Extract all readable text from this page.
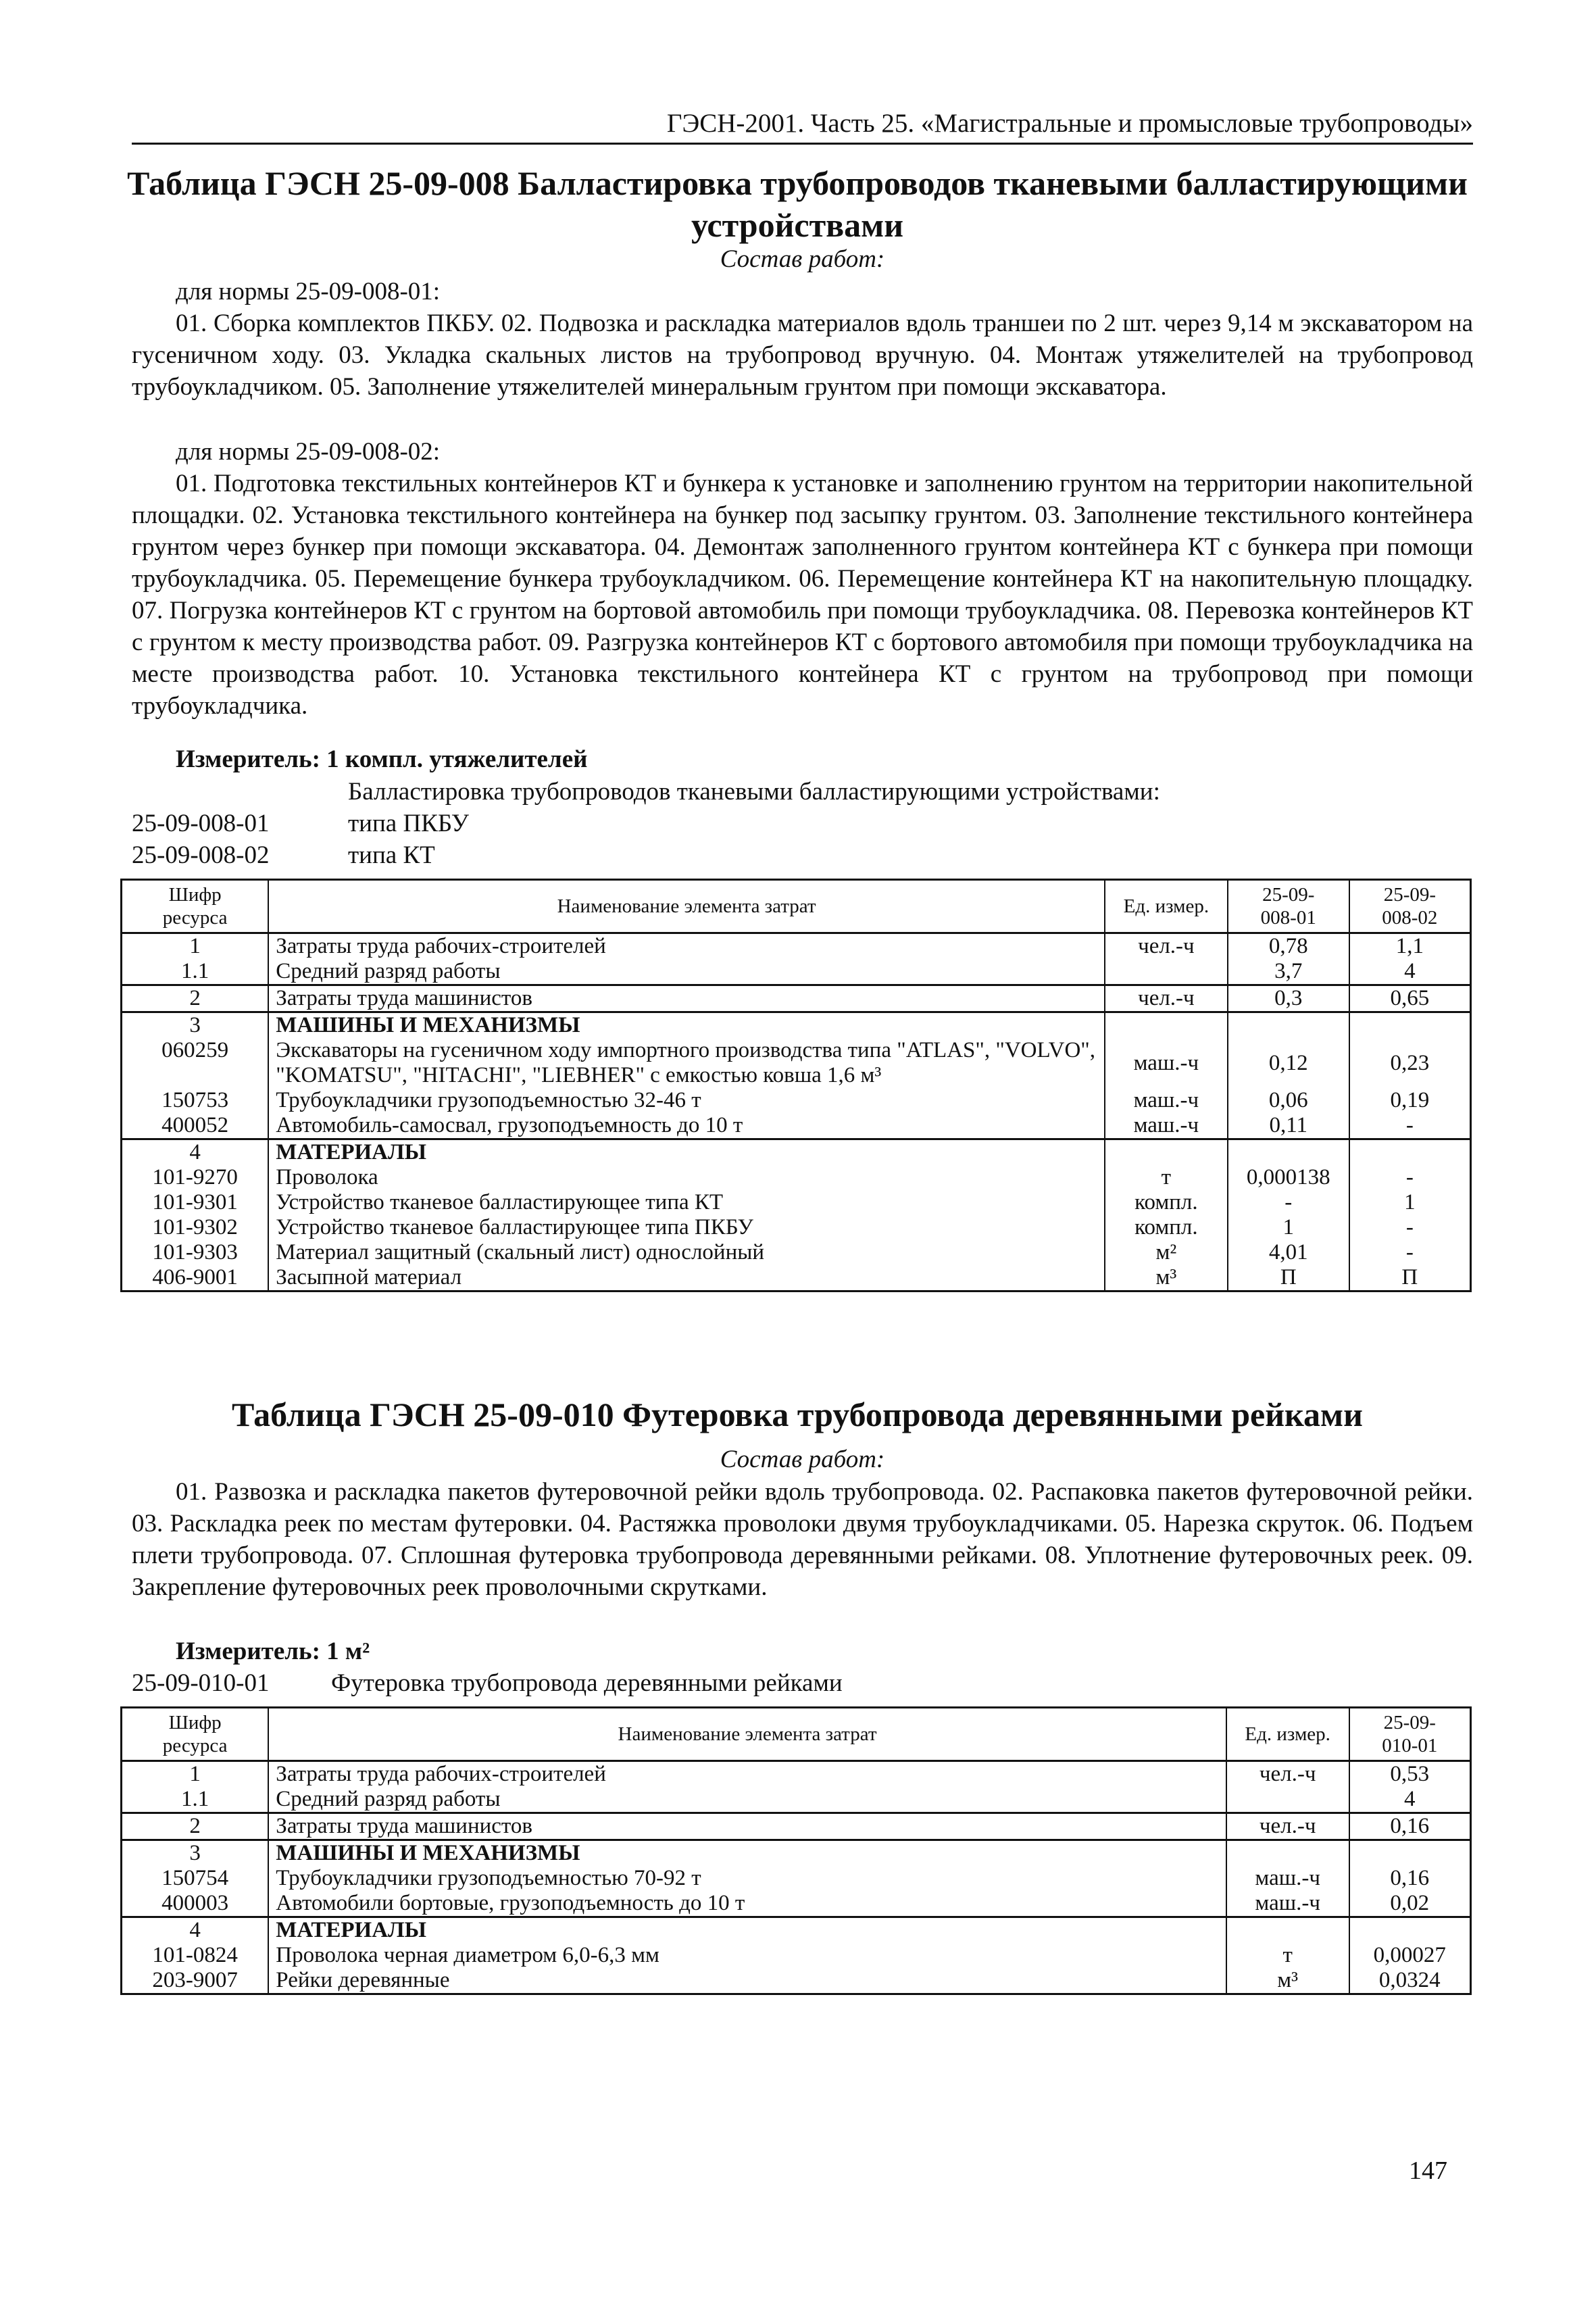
ГЭСН-2001. Часть 25. «Магистральные и промысловые трубопроводы»
Таблица ГЭСН 25-09-008 Балластировка трубопроводов тканевыми балластирующими устройствами
Состав работ:
для нормы 25-09-008-01:

01. Сборка комплектов ПКБУ. 02. Подвозка и раскладка материалов вдоль траншеи по 2 шт. через 9,14 м экскаватором на гусеничном ходу. 03. Укладка скальных листов на трубопровод вручную. 04. Монтаж утяжелителей на трубопровод трубоукладчиком. 05. Заполнение утяжелителей минеральным грунтом при помощи экскаватора.

для нормы 25-09-008-02:

01. Подготовка текстильных контейнеров КТ и бункера к установке и заполнению грунтом на территории накопительной площадки. 02. Установка текстильного контейнера на бункер под засыпку грунтом. 03. Заполнение текстильного контейнера грунтом через бункер при помощи экскаватора. 04. Демонтаж заполненного грунтом контейнера КТ с бункера при помощи трубоукладчика. 05. Перемещение бункера трубоукладчиком. 06. Перемещение контейнера КТ на накопительную площадку. 07. Погрузка контейнеров КТ с грунтом на бортовой автомобиль при помощи трубоукладчика. 08. Перевозка контейнеров КТ с грунтом к месту производства работ. 09. Разгрузка контейнеров КТ с бортового автомобиля при помощи трубоукладчика на месте производства работ. 10. Установка текстильного контейнера КТ с грунтом на трубопровод при помощи трубоукладчика.

Измеритель: 1 компл. утяжелителей
Балластировка трубопроводов тканевыми балластирующими устройствами:
25-09-008-01	типа ПКБУ
25-09-008-02	типа КТ
Шифр
ресурса	Наименование элемента затрат	Ед. измер.	25-09-
008-01	25-09-
008-02
1	Затраты труда рабочих-строителей	чел.-ч	0,78	1,1
1.1	Средний разряд работы		3,7	4
2	Затраты труда машинистов	чел.-ч	0,3	0,65
3	МАШИНЫ И МЕХАНИЗМЫ			
060259	Экскаваторы на гусеничном ходу импортного производства типа "ATLAS", "VOLVO", "KOMATSU", "HITACHI", "LIEBHER" с емкостью ковша 1,6 м³	маш.-ч	0,12	0,23
150753	Трубоукладчики грузоподъемностью 32-46 т	маш.-ч	0,06	0,19
400052	Автомобиль-самосвал, грузоподъемность до 10 т	маш.-ч	0,11	-
4	МАТЕРИАЛЫ			
101-9270	Проволока	т	0,000138	-
101-9301	Устройство тканевое балластирующее типа КТ	компл.	-	1
101-9302	Устройство тканевое балластирующее типа ПКБУ	компл.	1	-
101-9303	Материал защитный (скальный лист) однослойный	м²	4,01	-
406-9001	Засыпной материал	м³	П	П
Таблица ГЭСН 25-09-010 Футеровка трубопровода деревянными рейками
Состав работ:

01. Развозка и раскладка пакетов футеровочной рейки вдоль трубопровода. 02. Распаковка пакетов футеровочной рейки. 03. Раскладка реек по местам футеровки. 04. Растяжка проволоки двумя трубоукладчиками. 05. Нарезка скруток. 06. Подъем плети трубопровода. 07. Сплошная футеровка трубопровода деревянными рейками. 08. Уплотнение футеровочных реек. 09. Закрепление футеровочных реек проволочными скрутками.

Измеритель: 1 м²
25-09-010-01 Футеровка трубопровода деревянными рейками
Шифр
ресурса	Наименование элемента затрат	Ед. измер.	25-09-
010-01
1	Затраты труда рабочих-строителей	чел.-ч	0,53
1.1	Средний разряд работы		4
2	Затраты труда машинистов	чел.-ч	0,16
3	МАШИНЫ И МЕХАНИЗМЫ		
150754	Трубоукладчики грузоподъемностью 70-92 т	маш.-ч	0,16
400003	Автомобили бортовые, грузоподъемность до 10 т	маш.-ч	0,02
4	МАТЕРИАЛЫ		
101-0824	Проволока черная диаметром 6,0-6,3 мм	т	0,00027
203-9007	Рейки деревянные	м³	0,0324
147
